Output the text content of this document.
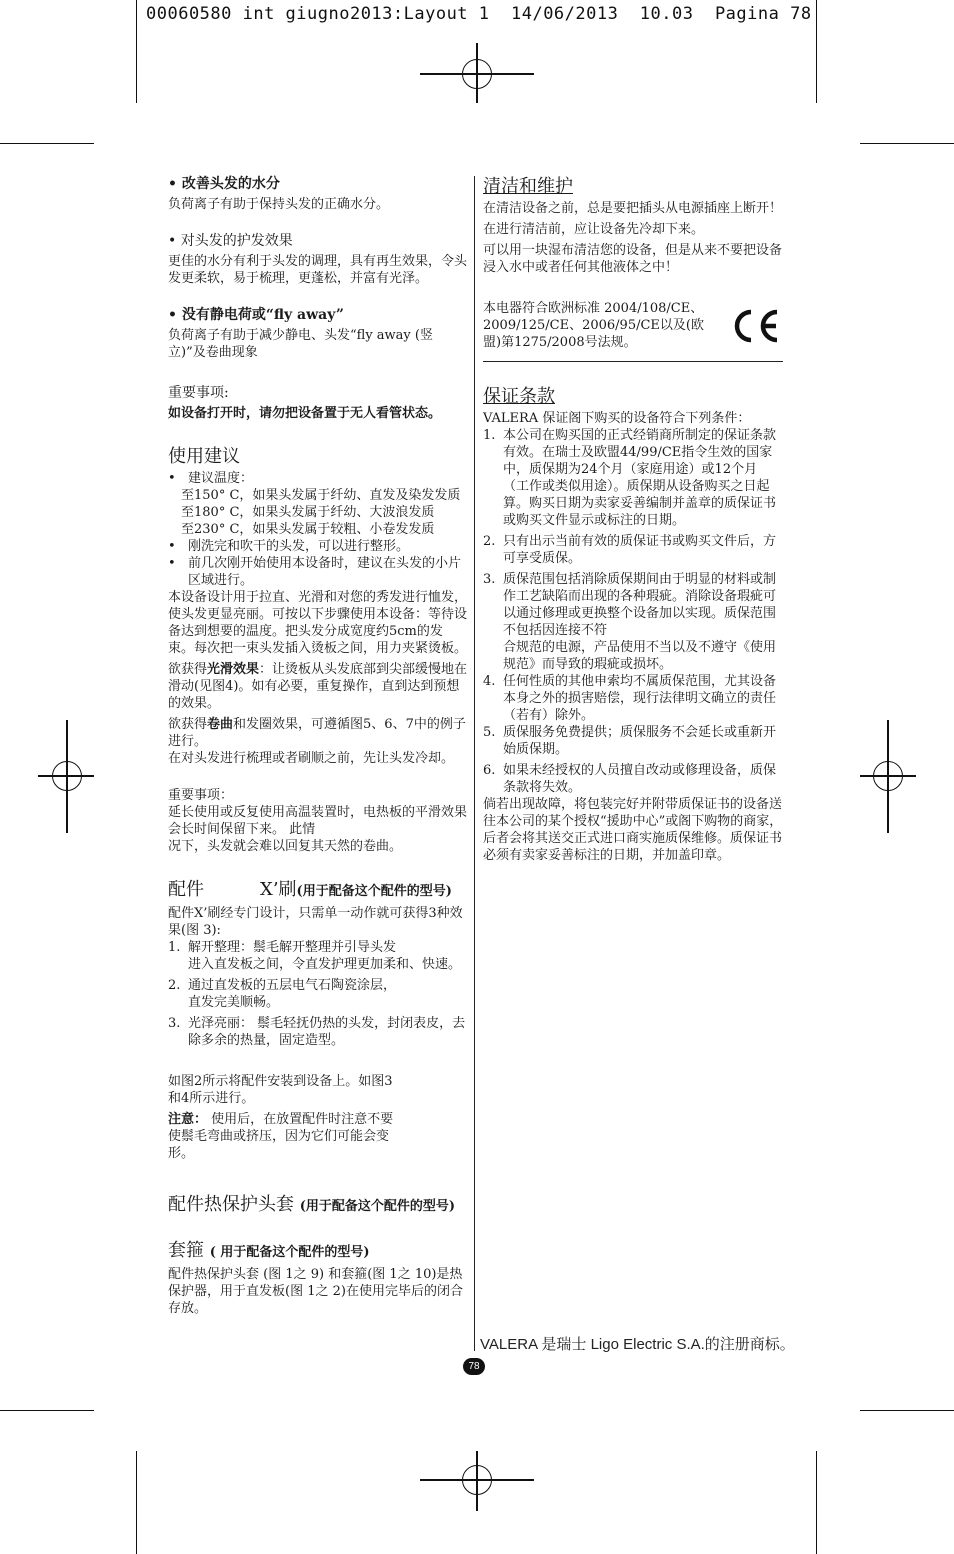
00060580 int giugno2013:Layout 1  14/06/2013  10.03  Pagina 78

• 改善头发的水分

负荷离子有助于保持头发的正确水分。

• 对头发的护发效果

更佳的水分有利于头发的调理，具有再生效果，令头发更柔软，易于梳理，更蓬松，并富有光泽。

• 没有静电荷或“fly away”

负荷离子有助于减少静电、头发“fly away (竖立)”及卷曲现象

重要事项:

如设备打开时，请勿把设备置于无人看管状态。

使用建议

• 建议温度：

至150° C，如果头发属于纤幼、直发及染发发质

至180° C，如果头发属于纤幼、大波浪发质

至230° C，如果头发属于较粗、小卷发发质

• 刚洗完和吹干的头发，可以进行整形。
• 前几次刚开始使用本设备时，建议在头发的小片区域进行。

本设备设计用于拉直、光滑和对您的秀发进行恤发，使头发更显亮丽。可按以下步骤使用本设备：等待设备达到想要的温度。把头发分成宽度约5cm的发束。每次把一束头发插入烫板之间，用力夹紧烫板。

欲获得光滑效果：让烫板从头发底部到尖部缓慢地在滑动(见图4)。如有必要，重复操作，直到达到预想的效果。

欲获得卷曲和发圈效果，可遵循图5、6、7中的例子进行。

在对头发进行梳理或者刷顺之前，先让头发冷却。

重要事项：

延长使用或反复使用高温装置时，电热板的平滑效果会长时间保留下来。 此情

况下，头发就会难以回复其天然的卷曲。

配件	X’刷(用于配备这个配件的型号)

配件X’刷经专门设计，只需单一动作就可获得3种效果(图 3):

1. 解开整理：鬃毛解开整理并引导头发
进入直发板之间，令直发护理更加柔和、快速。
2. 通过直发板的五层电气石陶瓷涂层，
直发完美顺畅。
3. 光泽亮丽： 鬃毛轻抚仍热的头发，封闭表皮，去除多余的热量，固定造型。

如图2所示将配件安装到设备上。如图3和4所示进行。

注意： 使用后，在放置配件时注意不要使鬃毛弯曲或挤压，因为它们可能会变形。

配件热保护头套 (用于配备这个配件的型号)

套箍 ( 用于配备这个配件的型号)

配件热保护头套 (图 1之 9) 和套箍(图 1之 10)是热保护器，用于直发板(图 1之 2)在使用完毕后的闭合存放。

清洁和维护

在清洁设备之前，总是要把插头从电源插座上断开！

在进行清洁前，应让设备先冷却下来。

可以用一块湿布清洁您的设备，但是从来不要把设备浸入水中或者任何其他液体之中！

本电器符合欧洲标准 2004/108/CE、2009/125/CE、2006/95/CE以及(欧盟)第1275/2008号法规。

保证条款

VALERA 保证阁下购买的设备符合下列条件：

1. 本公司在购买国的正式经销商所制定的保证条款有效。在瑞士及欧盟44/99/CE指令生效的国家中，质保期为24个月（家庭用途）或12个月（工作或类似用途）。质保期从设备购买之日起算。购买日期为卖家妥善编制并盖章的质保证书或购买文件显示或标注的日期。
2. 只有出示当前有效的质保证书或购买文件后，方可享受质保。
3. 质保范围包括消除质保期间由于明显的材料或制作工艺缺陷而出现的各种瑕疵。消除设备瑕疵可以通过修理或更换整个设备加以实现。质保范围不包括因连接不符
合规范的电源，产品使用不当以及不遵守《使用规范》而导致的瑕疵或损坏。
4. 任何性质的其他申索均不属质保范围，尤其设备本身之外的损害赔偿，现行法律明文确立的责任（若有）除外。
5. 质保服务免费提供；质保服务不会延长或重新开始质保期。
6. 如果未经授权的人员擅自改动或修理设备，质保条款将失效。

倘若出现故障，将包装完好并附带质保证书的设备送往本公司的某个授权“援助中心”或阁下购物的商家，后者会将其送交正式进口商实施质保维修。质保证书必须有卖家妥善标注的日期，并加盖印章。

VALERA 是瑞士 Ligo Electric S.A.的注册商标。
78
